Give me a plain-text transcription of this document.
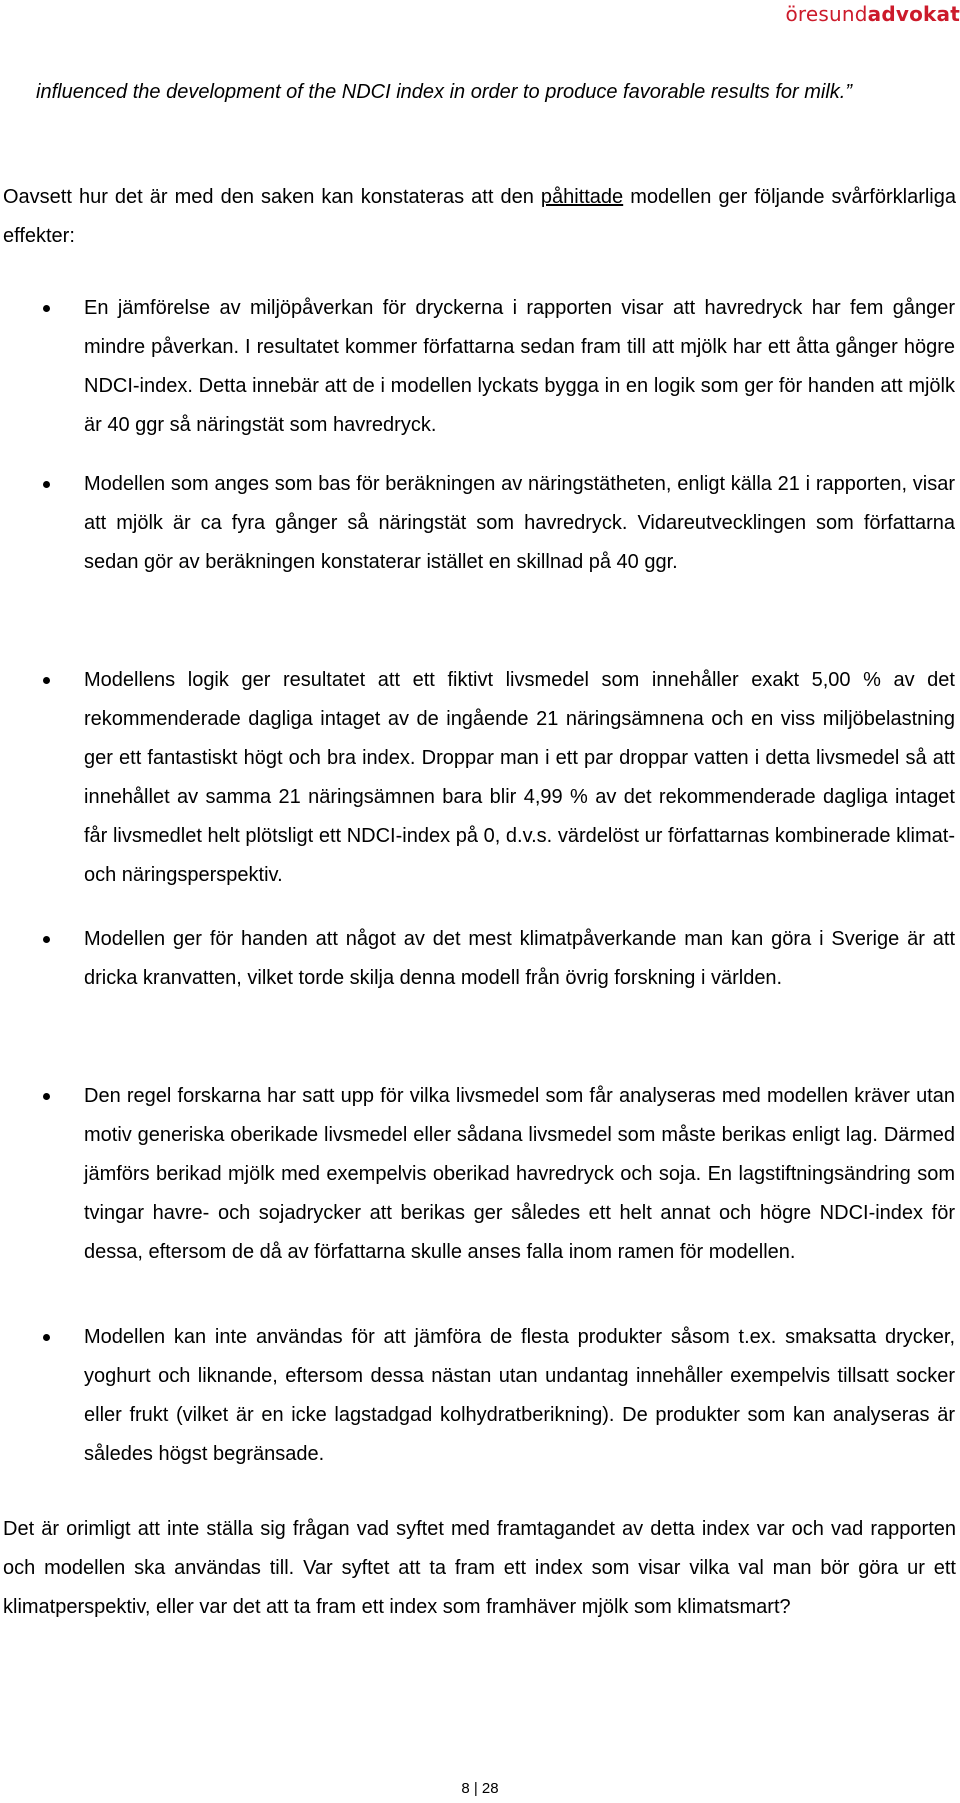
öresundadvokat

influenced the development of the NDCI index in order to produce favorable results for milk.”

Oavsett hur det är med den saken kan konstateras att den påhittade modellen ger följande svårförklarliga effekter:

En jämförelse av miljöpåverkan för dryckerna i rapporten visar att havredryck har fem gånger mindre påverkan. I resultatet kommer författarna sedan fram till att mjölk har ett åtta gånger högre NDCI-index. Detta innebär att de i modellen lyckats bygga in en logik som ger för handen att mjölk är 40 ggr så näringstät som havredryck.
Modellen som anges som bas för beräkningen av näringstätheten, enligt källa 21 i rapporten, visar att mjölk är ca fyra gånger så näringstät som havredryck. Vidareutvecklingen som författarna sedan gör av beräkningen konstaterar istället en skillnad på 40 ggr.
Modellens logik ger resultatet att ett fiktivt livsmedel som innehåller exakt 5,00 % av det rekommenderade dagliga intaget av de ingående 21 näringsämnena och en viss miljöbelastning ger ett fantastiskt högt och bra index. Droppar man i ett par droppar vatten i detta livsmedel så att innehållet av samma 21 näringsämnen bara blir 4,99 % av det rekommenderade dagliga intaget får livsmedlet helt plötsligt ett NDCI-index på 0, d.v.s. värdelöst ur författarnas kombinerade klimat- och näringsperspektiv.
Modellen ger för handen att något av det mest klimatpåverkande man kan göra i Sverige är att dricka kranvatten, vilket torde skilja denna modell från övrig forskning i världen.
Den regel forskarna har satt upp för vilka livsmedel som får analyseras med modellen kräver utan motiv generiska oberikade livsmedel eller sådana livsmedel som måste berikas enligt lag. Därmed jämförs berikad mjölk med exempelvis oberikad havredryck och soja. En lagstiftningsändring som tvingar havre- och sojadrycker att berikas ger således ett helt annat och högre NDCI-index för dessa, eftersom de då av författarna skulle anses falla inom ramen för modellen.
Modellen kan inte användas för att jämföra de flesta produkter såsom t.ex. smaksatta drycker, yoghurt och liknande, eftersom dessa nästan utan undantag innehåller exempelvis tillsatt socker eller frukt (vilket är en icke lagstadgad kolhydratberikning). De produkter som kan analyseras är således högst begränsade.

Det är orimligt att inte ställa sig frågan vad syftet med framtagandet av detta index var och vad rapporten och modellen ska användas till. Var syftet att ta fram ett index som visar vilka val man bör göra ur ett klimatperspektiv, eller var det att ta fram ett index som framhäver mjölk som klimatsmart?

8 | 28
